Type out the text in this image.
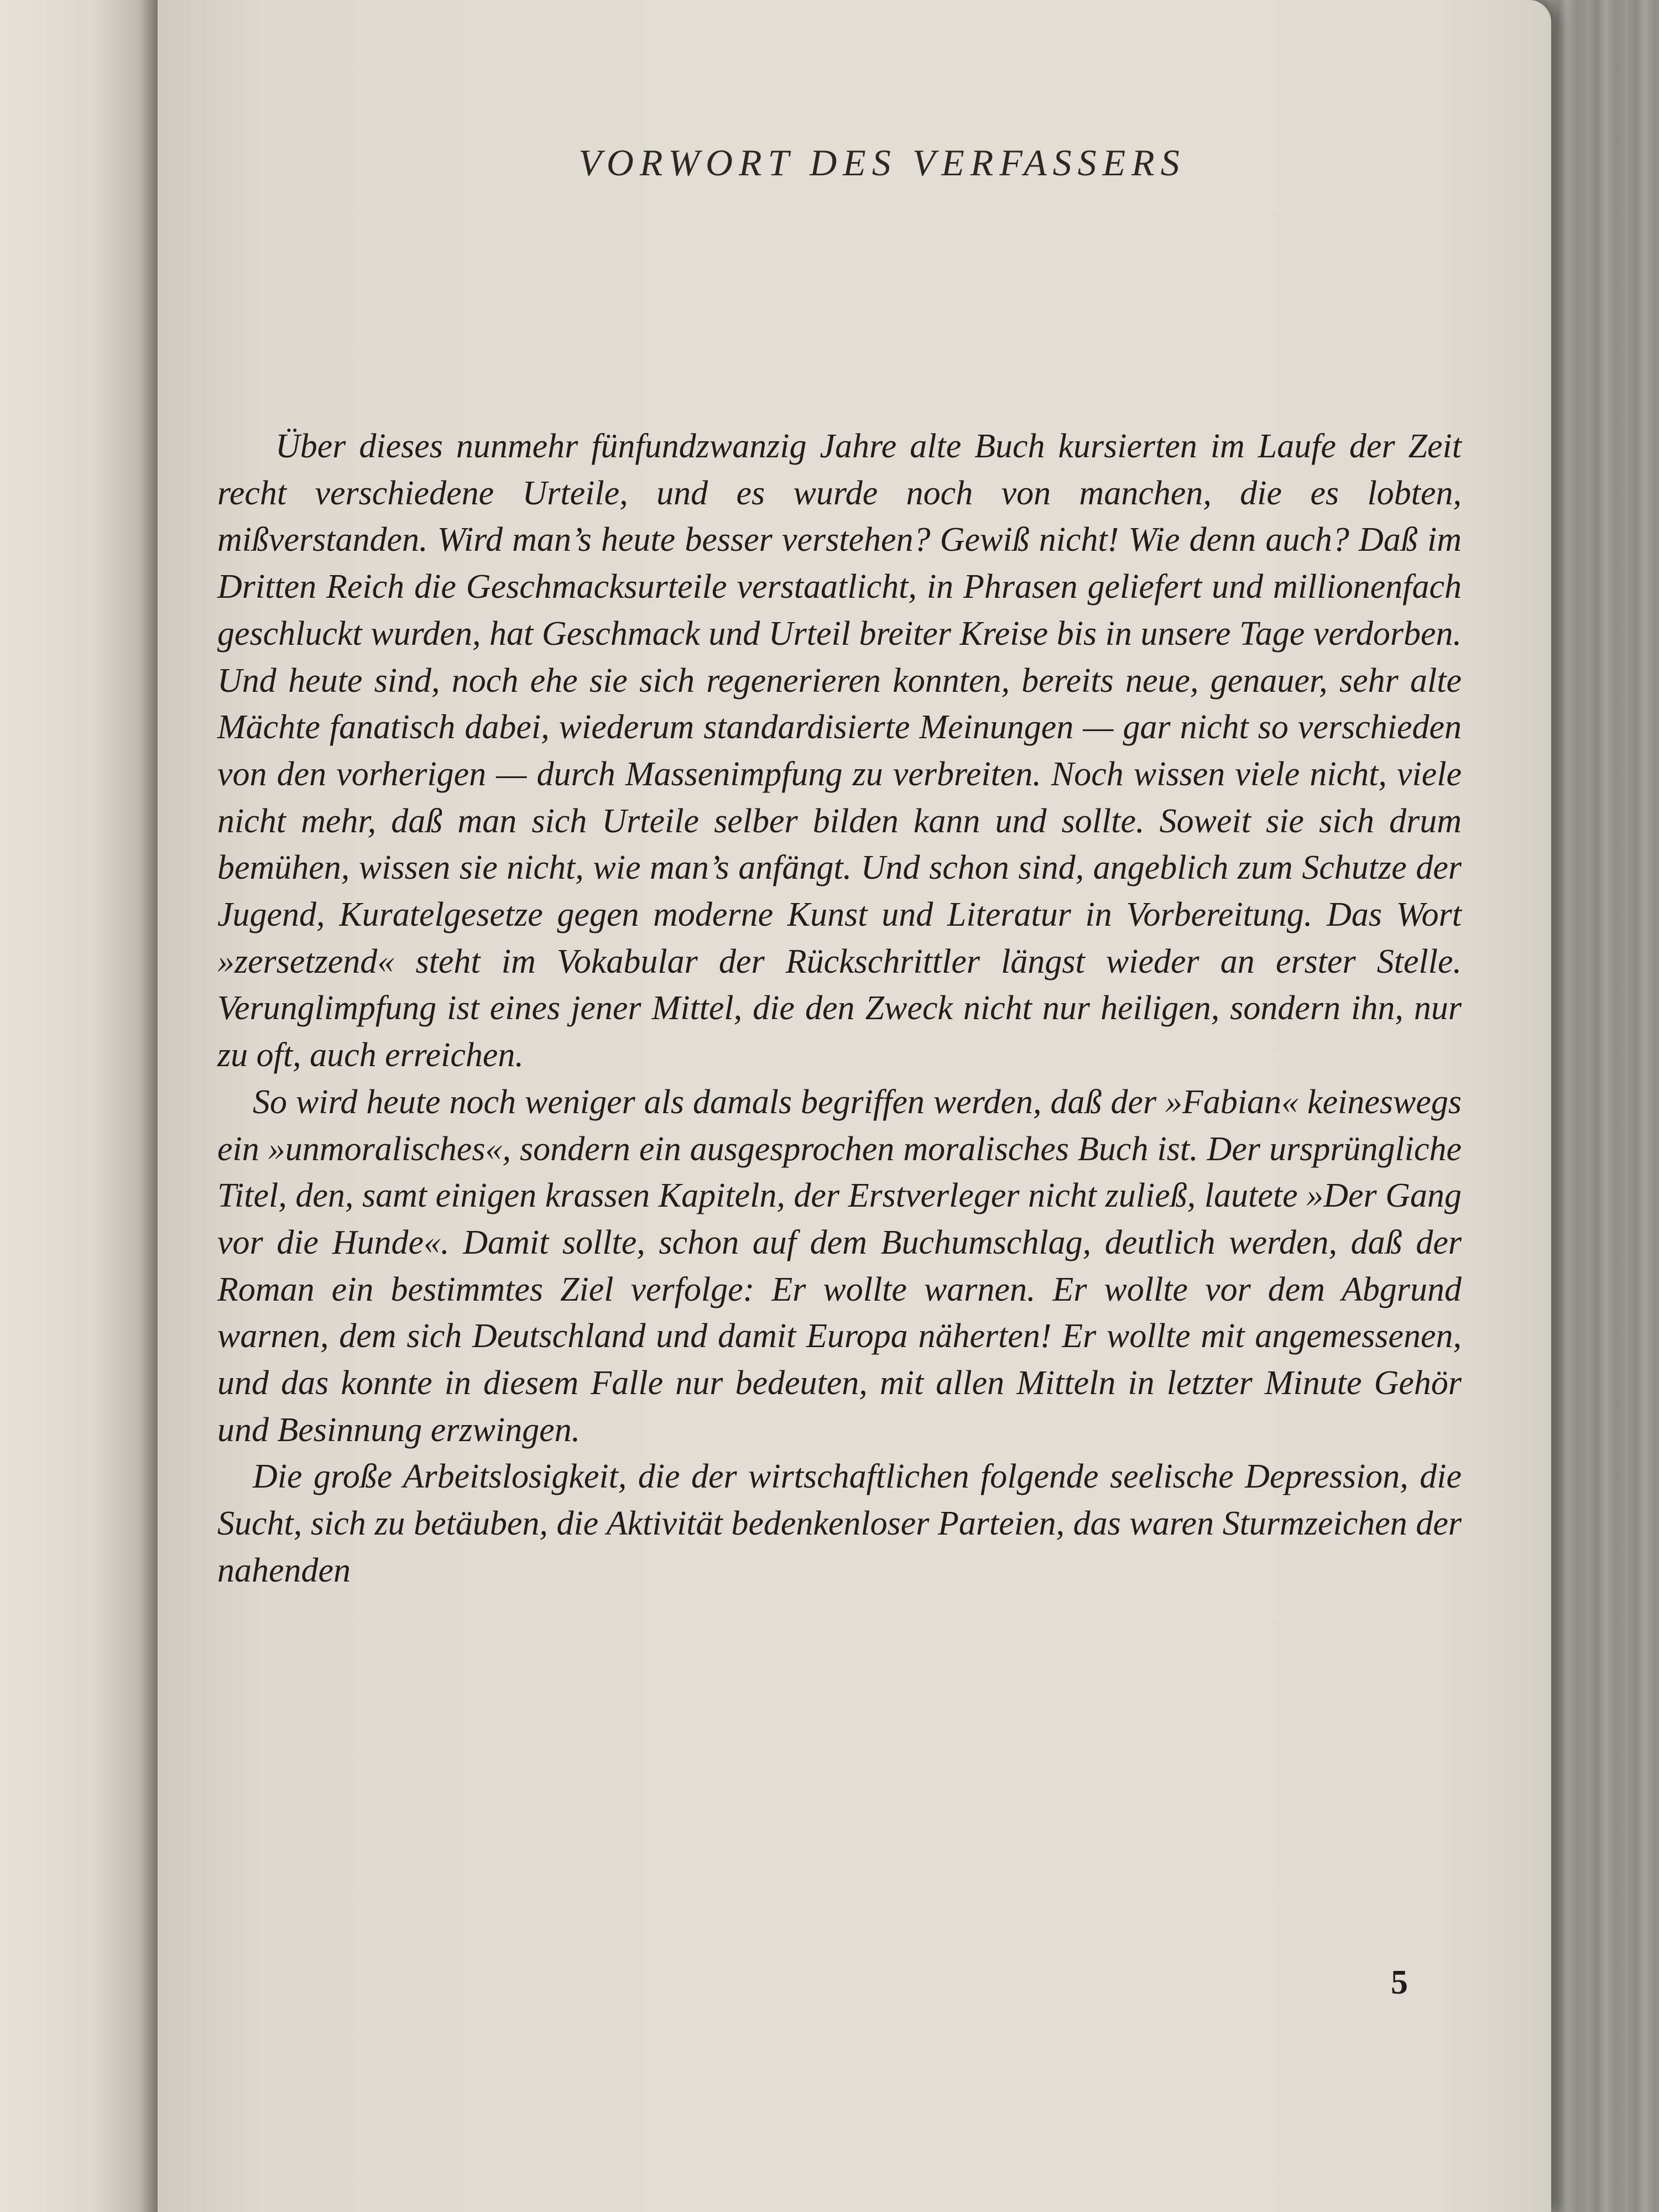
VORWORT DES VERFASSERS

Über dieses nunmehr fünfundzwanzig Jahre alte Buch kursierten im Laufe der Zeit recht verschiedene Urteile, und es wurde noch von manchen, die es lobten, mißverstanden. Wird man’s heute besser verstehen? Gewiß nicht! Wie denn auch? Daß im Dritten Reich die Geschmacksurteile verstaatlicht, in Phrasen geliefert und millionenfach geschluckt wurden, hat Geschmack und Urteil breiter Kreise bis in unsere Tage verdorben. Und heute sind, noch ehe sie sich regenerieren konnten, bereits neue, genauer, sehr alte Mächte fanatisch dabei, wiederum standardisierte Meinungen — gar nicht so verschieden von den vorherigen — durch Massenimpfung zu verbreiten. Noch wissen viele nicht, viele nicht mehr, daß man sich Urteile selber bilden kann und sollte. Soweit sie sich drum bemühen, wissen sie nicht, wie man’s anfängt. Und schon sind, angeblich zum Schutze der Jugend, Kuratelgesetze gegen moderne Kunst und Literatur in Vorbereitung. Das Wort »zersetzend« steht im Vokabular der Rückschrittler längst wieder an erster Stelle. Verunglimpfung ist eines jener Mittel, die den Zweck nicht nur heiligen, sondern ihn, nur zu oft, auch erreichen.

So wird heute noch weniger als damals begriffen werden, daß der »Fabian« keineswegs ein »unmoralisches«, sondern ein ausgesprochen moralisches Buch ist. Der ursprüngliche Titel, den, samt einigen krassen Kapiteln, der Erstverleger nicht zuließ, lautete »Der Gang vor die Hunde«. Damit sollte, schon auf dem Buchumschlag, deutlich werden, daß der Roman ein bestimmtes Ziel verfolge: Er wollte warnen. Er wollte vor dem Abgrund warnen, dem sich Deutschland und damit Europa näherten! Er wollte mit angemessenen, und das konnte in diesem Falle nur bedeuten, mit allen Mitteln in letzter Minute Gehör und Besinnung erzwingen.

Die große Arbeitslosigkeit, die der wirtschaftlichen folgende seelische Depression, die Sucht, sich zu betäuben, die Aktivität bedenkenloser Parteien, das waren Sturmzeichen der nahenden

5
